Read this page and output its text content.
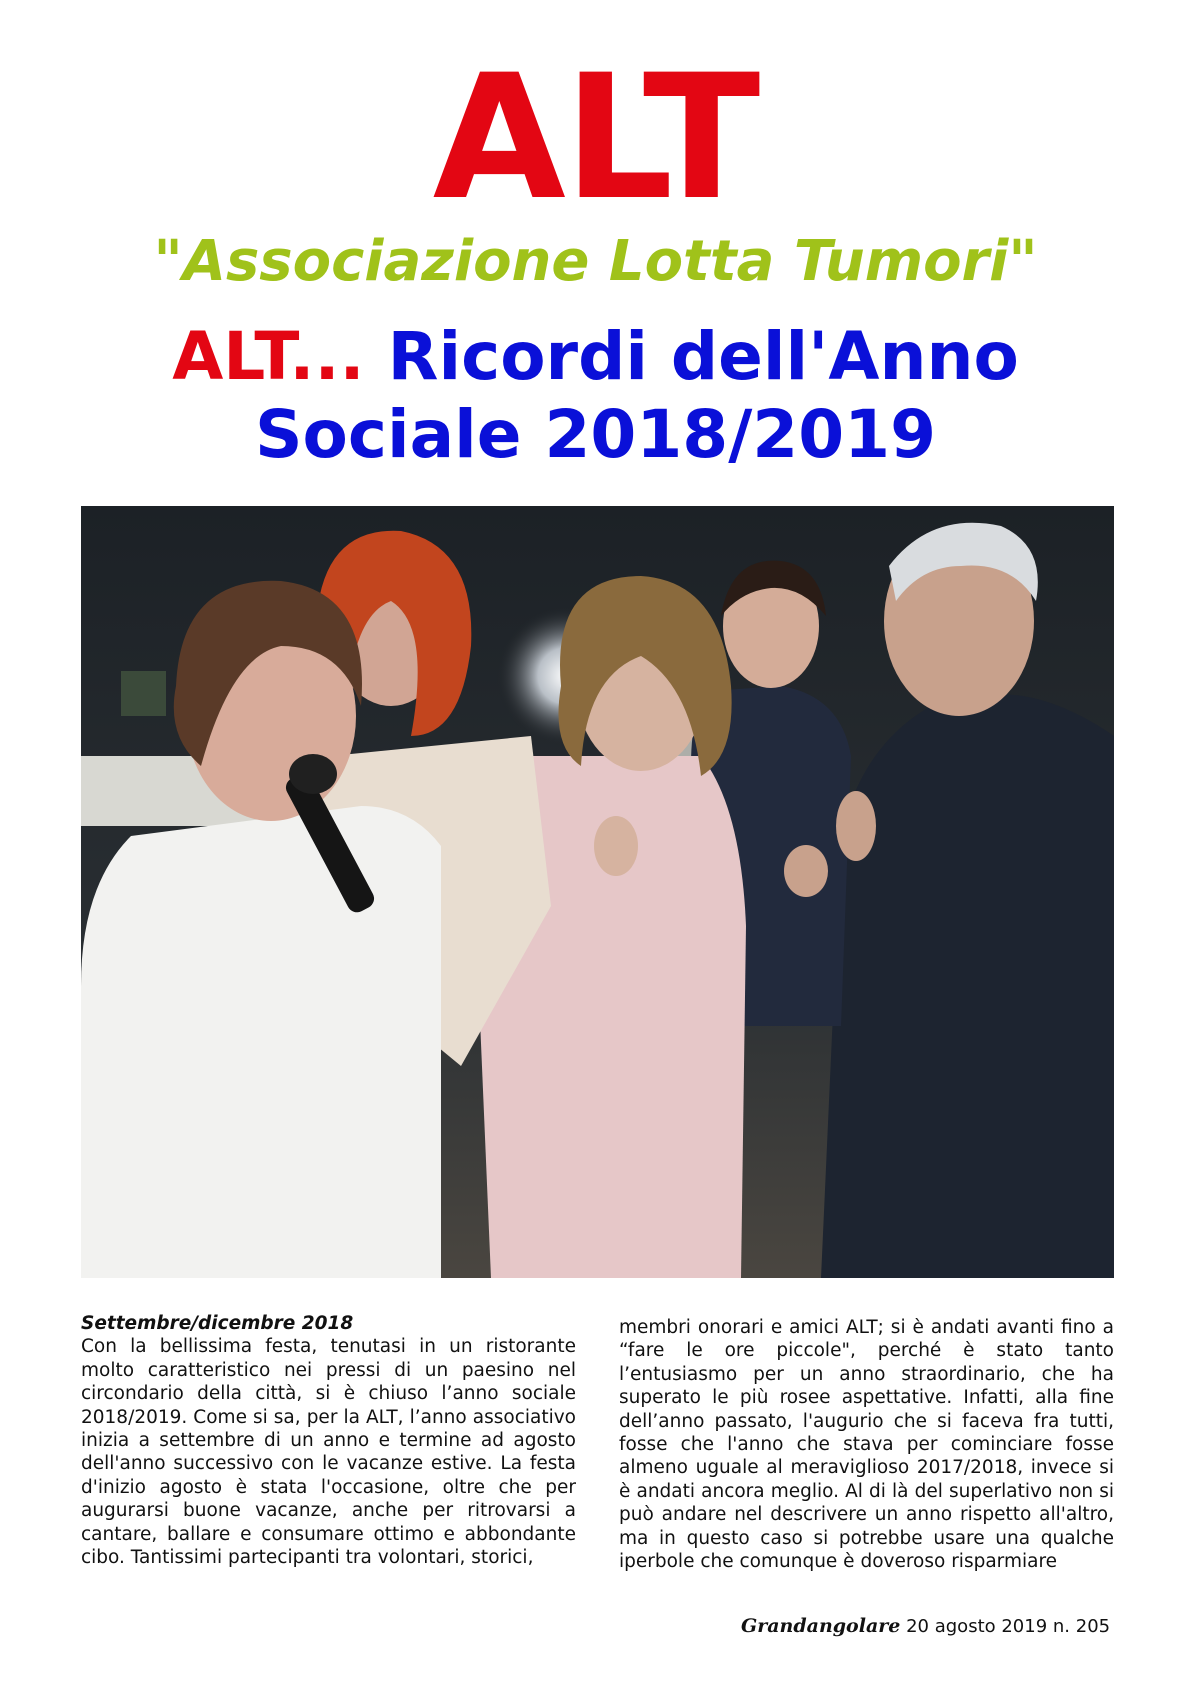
ALT
"Associazione Lotta Tumori"
ALT... Ricordi dell'Anno
Sociale 2018/2019
Settembre/dicembre 2018
Con la bellissima festa, tenutasi in un ristorante molto caratteristico nei pressi di un paesino nel circondario della città, si è chiuso l’anno sociale 2018/2019. Come si sa, per la ALT, l’anno associativo inizia a settembre di un anno e termine ad agosto dell'anno successivo con le vacanze estive. La festa d'inizio agosto è stata l'occasione, oltre che per augurarsi buone vacanze, anche per ritrovarsi a cantare, ballare e consumare ottimo e abbondante cibo. Tantissimi partecipanti tra volontari, storici,
membri onorari e amici ALT; si è andati avanti fino a “fare le ore piccole", perché è stato tanto l’entusiasmo per un anno straordinario, che ha superato le più rosee aspettative. Infatti, alla fine dell’anno passato, l'augurio che si faceva fra tutti, fosse che l'anno che stava per cominciare fosse almeno uguale al meraviglioso 2017/2018, invece si è andati ancora meglio. Al di là del superlativo non si può andare nel descrivere un anno rispetto all'altro, ma in questo caso si potrebbe usare una qualche iperbole che comunque è doveroso risparmiare
Grandangolare 20 agosto 2019 n. 205
